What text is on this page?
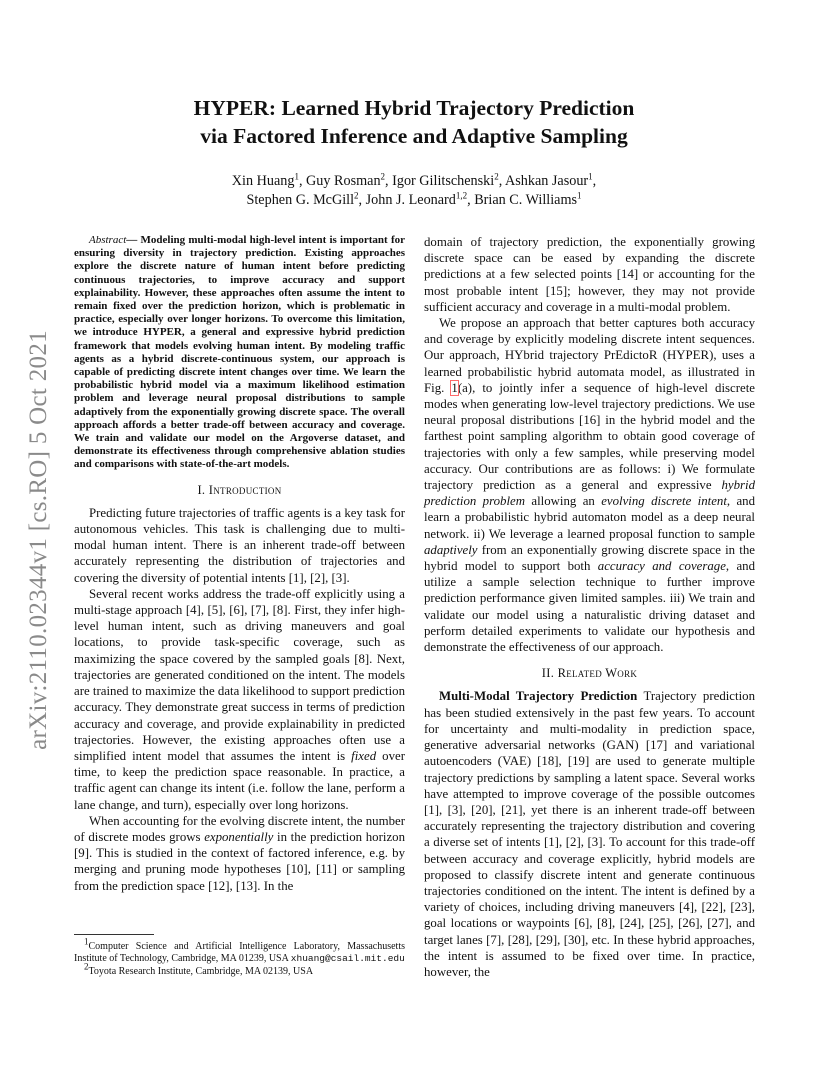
arXiv:2110.02344v1 [cs.RO] 5 Oct 2021
HYPER: Learned Hybrid Trajectory Prediction
via Factored Inference and Adaptive Sampling
Xin Huang$^1$, Guy Rosman$^2$, Igor Gilitschenski$^2$, Ashkan Jasour$^1$,
Stephen G. McGill$^2$, John J. Leonard$^{1,2}$, Brian C. Williams$^1$

Abstract— Modeling multi-modal high-level intent is important for ensuring diversity in trajectory prediction. Existing approaches explore the discrete nature of human intent before predicting continuous trajectories, to improve accuracy and support explainability. However, these approaches often assume the intent to remain fixed over the prediction horizon, which is problematic in practice, especially over longer horizons. To overcome this limitation, we introduce HYPER, a general and expressive hybrid prediction framework that models evolving human intent. By modeling traffic agents as a hybrid discrete-continuous system, our approach is capable of predicting discrete intent changes over time. We learn the probabilistic hybrid model via a maximum likelihood estimation problem and leverage neural proposal distributions to sample adaptively from the exponentially growing discrete space. The overall approach affords a better trade-off between accuracy and coverage. We train and validate our model on the Argoverse dataset, and demonstrate its effectiveness through comprehensive ablation studies and comparisons with state-of-the-art models.

I. Introduction

Predicting future trajectories of traffic agents is a key task for autonomous vehicles. This task is challenging due to multi-modal human intent. There is an inherent trade-off between accurately representing the distribution of trajectories and covering the diversity of potential intents [1], [2], [3].

Several recent works address the trade-off explicitly using a multi-stage approach [4], [5], [6], [7], [8]. First, they infer high-level human intent, such as driving maneuvers and goal locations, to provide task-specific coverage, such as maximizing the space covered by the sampled goals [8]. Next, trajectories are generated conditioned on the intent. The models are trained to maximize the data likelihood to support prediction accuracy. They demonstrate great success in terms of prediction accuracy and coverage, and provide explainability in predicted trajectories. However, the existing approaches often use a simplified intent model that assumes the intent is fixed over time, to keep the prediction space reasonable. In practice, a traffic agent can change its intent (i.e. follow the lane, perform a lane change, and turn), especially over long horizons.

When accounting for the evolving discrete intent, the number of discrete modes grows exponentially in the prediction horizon [9]. This is studied in the context of factored inference, e.g. by merging and pruning mode hypotheses [10], [11] or sampling from the prediction space [12], [13]. In the

$^1$Computer Science and Artificial Intelligence Laboratory, Massachusetts Institute of Technology, Cambridge, MA 01239, USA xhuang@csail.mit.edu

$^2$Toyota Research Institute, Cambridge, MA 02139, USA

domain of trajectory prediction, the exponentially growing discrete space can be eased by expanding the discrete predictions at a few selected points [14] or accounting for the most probable intent [15]; however, they may not provide sufficient accuracy and coverage in a multi-modal problem.

We propose an approach that better captures both accuracy and coverage by explicitly modeling discrete intent sequences. Our approach, HYbrid trajectory PrEdictoR (HYPER), uses a learned probabilistic hybrid automata model, as illustrated in Fig. 1(a), to jointly infer a sequence of high-level discrete modes when generating low-level trajectory predictions. We use neural proposal distributions [16] in the hybrid model and the farthest point sampling algorithm to obtain good coverage of trajectories with only a few samples, while preserving model accuracy. Our contributions are as follows: i) We formulate trajectory prediction as a general and expressive hybrid prediction problem allowing an evolving discrete intent, and learn a probabilistic hybrid automaton model as a deep neural network. ii) We leverage a learned proposal function to sample adaptively from an exponentially growing discrete space in the hybrid model to support both accuracy and coverage, and utilize a sample selection technique to further improve prediction performance given limited samples. iii) We train and validate our model using a naturalistic driving dataset and perform detailed experiments to validate our hypothesis and demonstrate the effectiveness of our approach.

II. Related Work

Multi-Modal Trajectory Prediction Trajectory prediction has been studied extensively in the past few years. To account for uncertainty and multi-modality in prediction space, generative adversarial networks (GAN) [17] and variational autoencoders (VAE) [18], [19] are used to generate multiple trajectory predictions by sampling a latent space. Several works have attempted to improve coverage of the possible outcomes [1], [3], [20], [21], yet there is an inherent trade-off between accurately representing the trajectory distribution and covering a diverse set of intents [1], [2], [3]. To account for this trade-off between accuracy and coverage explicitly, hybrid models are proposed to classify discrete intent and generate continuous trajectories conditioned on the intent. The intent is defined by a variety of choices, including driving maneuvers [4], [22], [23], goal locations or waypoints [6], [8], [24], [25], [26], [27], and target lanes [7], [28], [29], [30], etc. In these hybrid approaches, the intent is assumed to be fixed over time. In practice, however, the
